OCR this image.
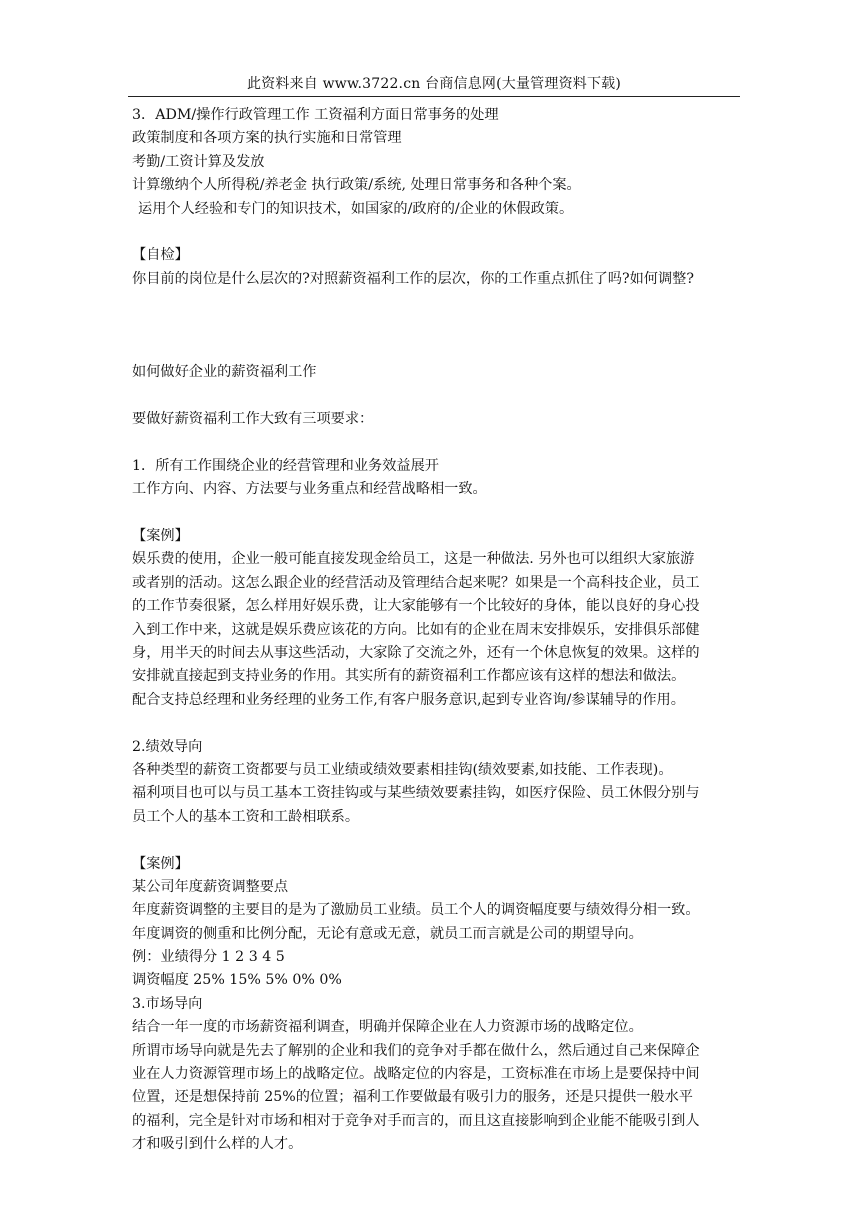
此资料来自 www.3722.cn 台商信息网(大量管理资料下载)
3．ADM/操作行政管理工作 工资福利方面日常事务的处理
政策制度和各项方案的执行实施和日常管理
考勤/工资计算及发放
计算缴纳个人所得税/养老金 执行政策/系统, 处理日常事务和各种个案。
运用个人经验和专门的知识技术，如国家的/政府的/企业的休假政策。
【自检】
你目前的岗位是什么层次的?对照薪资福利工作的层次，你的工作重点抓住了吗?如何调整?
如何做好企业的薪资福利工作
要做好薪资福利工作大致有三项要求：
1．所有工作围绕企业的经营管理和业务效益展开
工作方向、内容、方法要与业务重点和经营战略相一致。
【案例】
娱乐费的使用，企业一般可能直接发现金给员工，这是一种做法. 另外也可以组织大家旅游
或者别的活动。这怎么跟企业的经营活动及管理结合起来呢？如果是一个高科技企业，员工
的工作节奏很紧，怎么样用好娱乐费，让大家能够有一个比较好的身体，能以良好的身心投
入到工作中来，这就是娱乐费应该花的方向。比如有的企业在周末安排娱乐，安排俱乐部健
身，用半天的时间去从事这些活动，大家除了交流之外，还有一个休息恢复的效果。这样的
安排就直接起到支持业务的作用。其实所有的薪资福利工作都应该有这样的想法和做法。
配合支持总经理和业务经理的业务工作,有客户服务意识,起到专业咨询/参谋辅导的作用。
2.绩效导向
各种类型的薪资工资都要与员工业绩或绩效要素相挂钩(绩效要素,如技能、工作表现)。
福利项目也可以与员工基本工资挂钩或与某些绩效要素挂钩，如医疗保险、员工休假分别与
员工个人的基本工资和工龄相联系。
【案例】
某公司年度薪资调整要点
年度薪资调整的主要目的是为了激励员工业绩。员工个人的调资幅度要与绩效得分相一致。
年度调资的侧重和比例分配，无论有意或无意，就员工而言就是公司的期望导向。
例：业绩得分 1 2 3 4 5
调资幅度 25% 15% 5% 0% 0%
3.市场导向
结合一年一度的市场薪资福利调查，明确并保障企业在人力资源市场的战略定位。
所谓市场导向就是先去了解别的企业和我们的竞争对手都在做什么，然后通过自己来保障企
业在人力资源管理市场上的战略定位。战略定位的内容是，工资标准在市场上是要保持中间
位置，还是想保持前 25%的位置；福利工作要做最有吸引力的服务，还是只提供一般水平
的福利，完全是针对市场和相对于竞争对手而言的，而且这直接影响到企业能不能吸引到人
才和吸引到什么样的人才。
